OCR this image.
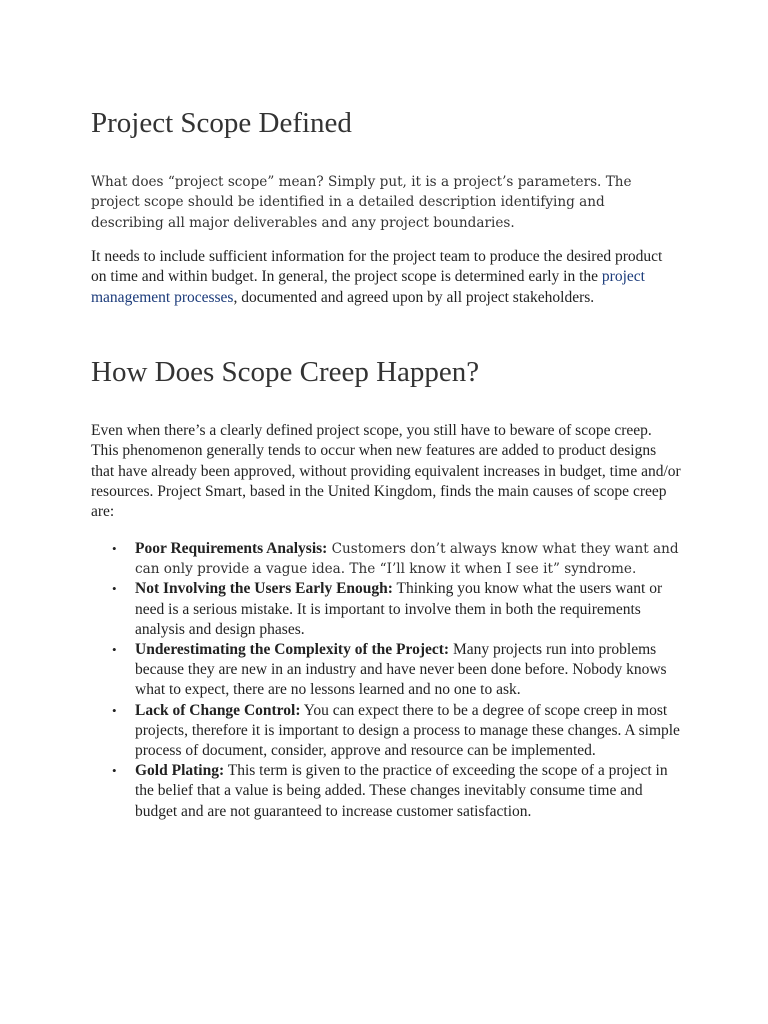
Project Scope Defined

What does “project scope” mean? Simply put, it is a project’s parameters. The project scope should be identified in a detailed description identifying and describing all major deliverables and any project boundaries.

It needs to include sufficient information for the project team to produce the desired product on time and within budget. In general, the project scope is determined early in the project management processes, documented and agreed upon by all project stakeholders.

How Does Scope Creep Happen?

Even when there’s a clearly defined project scope, you still have to beware of scope creep. This phenomenon generally tends to occur when new features are added to product designs that have already been approved, without providing equivalent increases in budget, time and/or resources. Project Smart, based in the United Kingdom, finds the main causes of scope creep are:

• Poor Requirements Analysis: Customers don’t always know what they want and can only provide a vague idea. The “I’ll know it when I see it” syndrome.
• Not Involving the Users Early Enough: Thinking you know what the users want or need is a serious mistake. It is important to involve them in both the requirements analysis and design phases.
• Underestimating the Complexity of the Project: Many projects run into problems because they are new in an industry and have never been done before. Nobody knows what to expect, there are no lessons learned and no one to ask.
• Lack of Change Control: You can expect there to be a degree of scope creep in most projects, therefore it is important to design a process to manage these changes. A simple process of document, consider, approve and resource can be implemented.
• Gold Plating: This term is given to the practice of exceeding the scope of a project in the belief that a value is being added. These changes inevitably consume time and budget and are not guaranteed to increase customer satisfaction.
